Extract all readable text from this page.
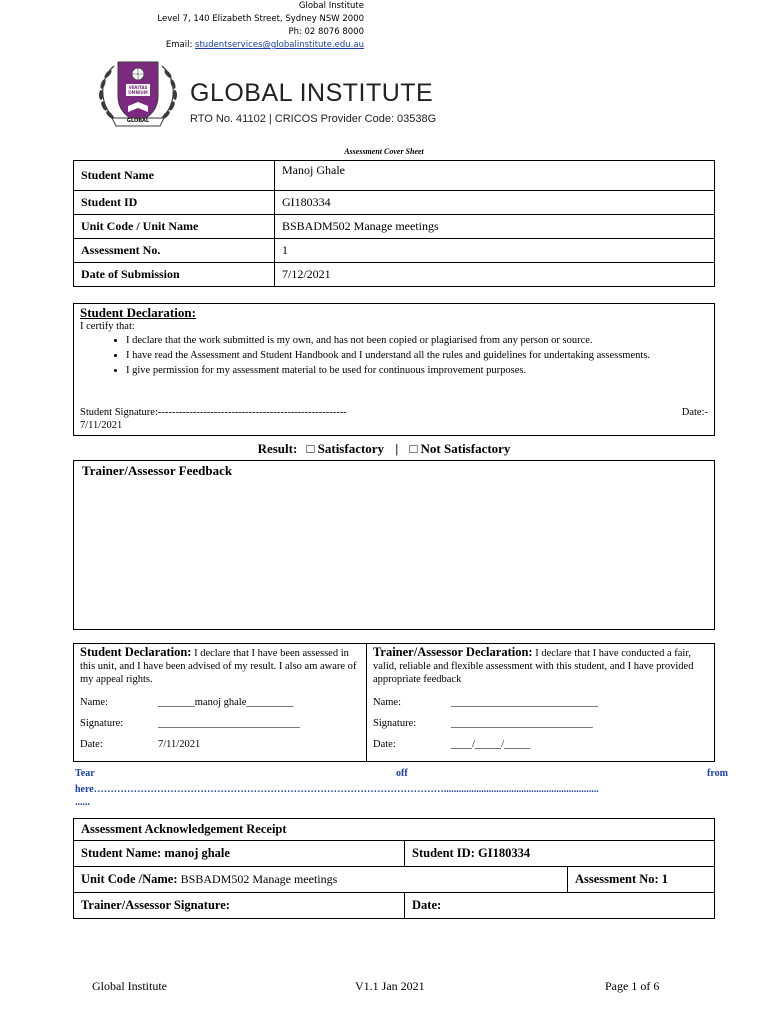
Global Institute
Level 7, 140 Elizabeth Street, Sydney NSW 2000
Ph: 02 8076 8000
Email: studentservices@globalinstitute.edu.au
VERITAS OMNIUM
GLOBAL
GLOBAL INSTITUTE
RTO No. 41102 | CRICOS Provider Code: 03538G
Assessment Cover Sheet
Student Name	Manoj Ghale
Student ID	GI180334
Unit Code / Unit Name	BSBADM502 Manage meetings
Assessment No.	1
Date of Submission	7/12/2021
Student Declaration:
I certify that:
• I declare that the work submitted is my own, and has not been copied or plagiarised from any person or source.
• I have read the Assessment and Student Handbook and I understand all the rules and guidelines for undertaking assessments.
• I give permission for my assessment material to be used for continuous improvement purposes.
Student Signature:------------------------------------------------------	Date:-
7/11/2021
Result: □ Satisfactory | □ Not Satisfactory
Trainer/Assessor Feedback
Student Declaration: I declare that I have been assessed in this unit, and I have been advised of my result. I also am aware of my appeal rights.
Name:	_______manoj ghale_________
Signature:	___________________________
Date:	7/11/2021
Trainer/Assessor Declaration: I declare that I have conducted a fair, valid, reliable and flexible assessment with this student, and I have provided appropriate feedback
Name:	____________________________
Signature:	___________________________
Date:	____/_____/_____
Tear	off	from
here……………………………………………………………………………………………..............................................................
......
Assessment Acknowledgement Receipt		
Student Name: manoj ghale	Student ID: GI180334	
Unit Code /Name: BSBADM502 Manage meetings		Assessment No: 1
Trainer/Assessor Signature:	Date:	
Global Institute	V1.1 Jan 2021	Page 1 of 6
